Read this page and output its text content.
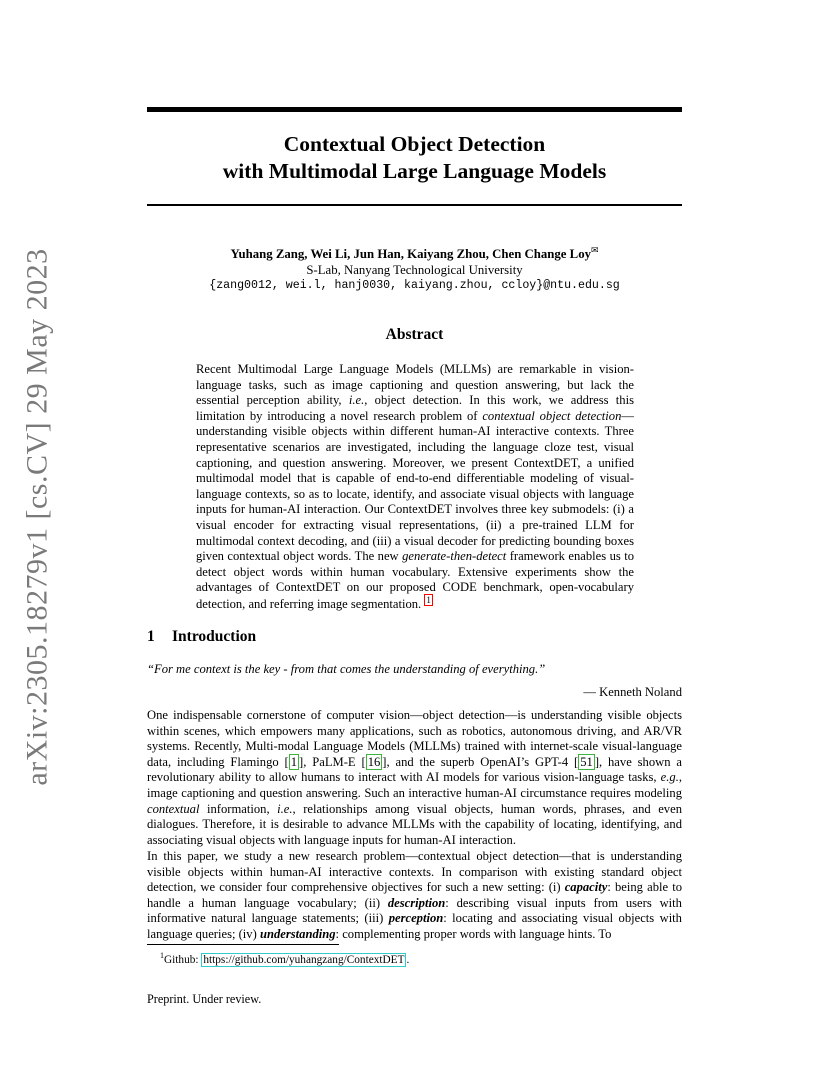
arXiv:2305.18279v1 [cs.CV] 29 May 2023
Contextual Object Detection
with Multimodal Large Language Models
Yuhang Zang, Wei Li, Jun Han, Kaiyang Zhou, Chen Change Loy✉
S-Lab, Nanyang Technological University
{zang0012, wei.l, hanj0030, kaiyang.zhou, ccloy}@ntu.edu.sg
Abstract
Recent Multimodal Large Language Models (MLLMs) are remarkable in vision-language tasks, such as image captioning and question answering, but lack the essential perception ability, i.e., object detection. In this work, we address this limitation by introducing a novel research problem of contextual object detection—understanding visible objects within different human-AI interactive contexts. Three representative scenarios are investigated, including the language cloze test, visual captioning, and question answering. Moreover, we present ContextDET, a unified multimodal model that is capable of end-to-end differentiable modeling of visual-language contexts, so as to locate, identify, and associate visual objects with language inputs for human-AI interaction. Our ContextDET involves three key submodels: (i) a visual encoder for extracting visual representations, (ii) a pre-trained LLM for multimodal context decoding, and (iii) a visual decoder for predicting bounding boxes given contextual object words. The new generate-then-detect framework enables us to detect object words within human vocabulary. Extensive experiments show the advantages of ContextDET on our proposed CODE benchmark, open-vocabulary detection, and referring image segmentation. $^1$
1 Introduction
“For me context is the key - from that comes the understanding of everything.”
— Kenneth Noland
One indispensable cornerstone of computer vision—object detection—is understanding visible objects within scenes, which empowers many applications, such as robotics, autonomous driving, and AR/VR systems. Recently, Multi-modal Language Models (MLLMs) trained with internet-scale visual-language data, including Flamingo [ 1 ], PaLM-E [ 16 ], and the superb OpenAI’s GPT-4 [ 51 ], have shown a revolutionary ability to allow humans to interact with AI models for various vision-language tasks, e.g., image captioning and question answering. Such an interactive human-AI circumstance requires modeling contextual information, i.e., relationships among visual objects, human words, phrases, and even dialogues. Therefore, it is desirable to advance MLLMs with the capability of locating, identifying, and associating visual objects with language inputs for human-AI interaction.
In this paper, we study a new research problem—contextual object detection—that is understanding visible objects within human-AI interactive contexts. In comparison with existing standard object detection, we consider four comprehensive objectives for such a new setting: (i) capacity: being able to handle a human language vocabulary; (ii) description: describing visual inputs from users with informative natural language statements; (iii) perception: locating and associating visual objects with language queries; (iv) understanding: complementing proper words with language hints. To
$^1$Github: https://github.com/yuhangzang/ContextDET .
Preprint. Under review.
